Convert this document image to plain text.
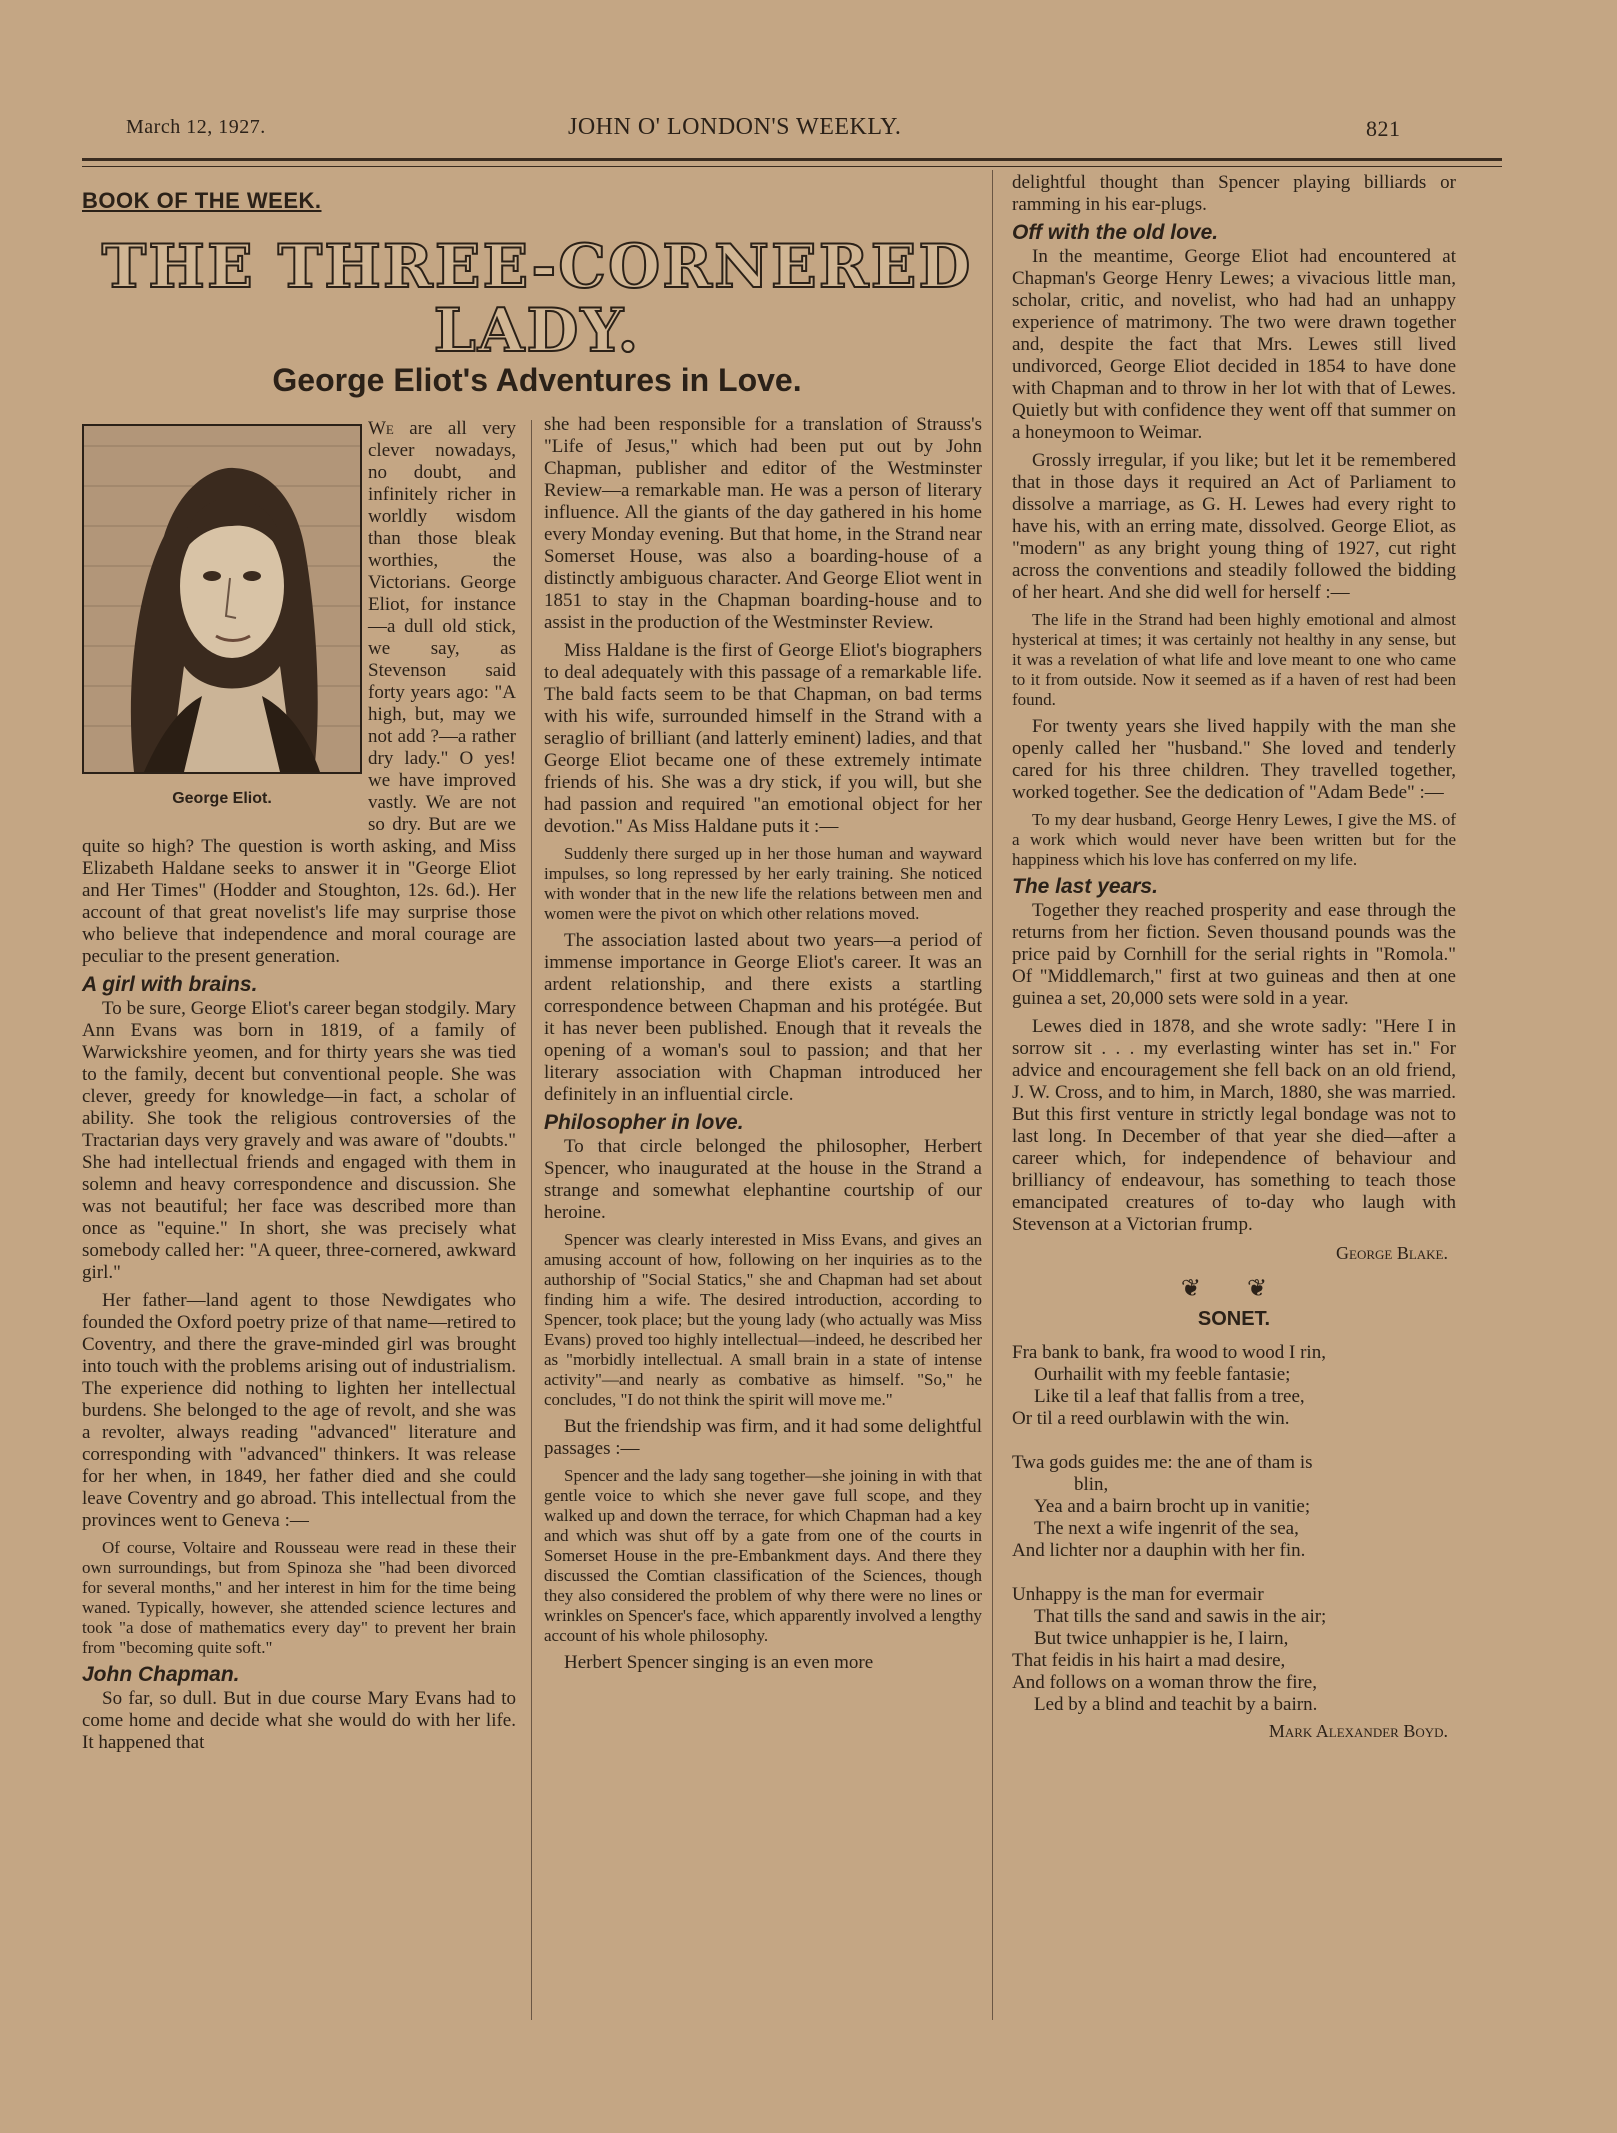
March 12, 1927.	JOHN O' LONDON'S WEEKLY.	821
BOOK OF THE WEEK.
THE THREE-CORNERED
LADY.
George Eliot's Adventures in Love.
George Eliot.

We are all very clever nowadays, no doubt, and infinitely richer in worldly wisdom than those bleak worthies, the Victorians. George Eliot, for instance—a dull old stick, we say, as Stevenson said forty years ago: "A high, but, may we not add ?—a rather dry lady." O yes! we have improved vastly. We are not so dry. But are we quite so high? The question is worth asking, and Miss Elizabeth Haldane seeks to answer it in "George Eliot and Her Times" (Hodder and Stoughton, 12s. 6d.). Her account of that great novelist's life may surprise those who believe that independence and moral courage are peculiar to the present generation.

A girl with brains.

To be sure, George Eliot's career began stodgily. Mary Ann Evans was born in 1819, of a family of Warwickshire yeomen, and for thirty years she was tied to the family, decent but conventional people. She was clever, greedy for knowledge—in fact, a scholar of ability. She took the religious controversies of the Tractarian days very gravely and was aware of "doubts." She had intellectual friends and engaged with them in solemn and heavy correspondence and discussion. She was not beautiful; her face was described more than once as "equine." In short, she was precisely what somebody called her: "A queer, three-cornered, awkward girl."

Her father—land agent to those Newdigates who founded the Oxford poetry prize of that name—retired to Coventry, and there the grave-minded girl was brought into touch with the problems arising out of industrialism. The experience did nothing to lighten her intellectual burdens. She belonged to the age of revolt, and she was a revolter, always reading "advanced" literature and corresponding with "advanced" thinkers. It was release for her when, in 1849, her father died and she could leave Coventry and go abroad. This intellectual from the provinces went to Geneva :—

Of course, Voltaire and Rousseau were read in these their own surroundings, but from Spinoza she "had been divorced for several months," and her interest in him for the time being waned. Typically, however, she attended science lectures and took "a dose of mathematics every day" to prevent her brain from "becoming quite soft."

John Chapman.

So far, so dull. But in due course Mary Evans had to come home and decide what she would do with her life. It happened that

she had been responsible for a translation of Strauss's "Life of Jesus," which had been put out by John Chapman, publisher and editor of the Westminster Review—a remarkable man. He was a person of literary influence. All the giants of the day gathered in his home every Monday evening. But that home, in the Strand near Somerset House, was also a boarding-house of a distinctly ambiguous character. And George Eliot went in 1851 to stay in the Chapman boarding-house and to assist in the production of the Westminster Review.

Miss Haldane is the first of George Eliot's biographers to deal adequately with this passage of a remarkable life. The bald facts seem to be that Chapman, on bad terms with his wife, surrounded himself in the Strand with a seraglio of brilliant (and latterly eminent) ladies, and that George Eliot became one of these extremely intimate friends of his. She was a dry stick, if you will, but she had passion and required "an emotional object for her devotion." As Miss Haldane puts it :—

Suddenly there surged up in her those human and wayward impulses, so long repressed by her early training. She noticed with wonder that in the new life the relations between men and women were the pivot on which other relations moved.

The association lasted about two years—a period of immense importance in George Eliot's career. It was an ardent relationship, and there exists a startling correspondence between Chapman and his protégée. But it has never been published. Enough that it reveals the opening of a woman's soul to passion; and that her literary association with Chapman introduced her definitely in an influential circle.

Philosopher in love.

To that circle belonged the philosopher, Herbert Spencer, who inaugurated at the house in the Strand a strange and somewhat elephantine courtship of our heroine.

Spencer was clearly interested in Miss Evans, and gives an amusing account of how, following on her inquiries as to the authorship of "Social Statics," she and Chapman had set about finding him a wife. The desired introduction, according to Spencer, took place; but the young lady (who actually was Miss Evans) proved too highly intellectual—indeed, he described her as "morbidly intellectual. A small brain in a state of intense activity"—and nearly as combative as himself. "So," he concludes, "I do not think the spirit will move me."

But the friendship was firm, and it had some delightful passages :—

Spencer and the lady sang together—she joining in with that gentle voice to which she never gave full scope, and they walked up and down the terrace, for which Chapman had a key and which was shut off by a gate from one of the courts in Somerset House in the pre-Embankment days. And there they discussed the Comtian classification of the Sciences, though they also considered the problem of why there were no lines or wrinkles on Spencer's face, which apparently involved a lengthy account of his whole philosophy.

Herbert Spencer singing is an even more

delightful thought than Spencer playing billiards or ramming in his ear-plugs.

Off with the old love.

In the meantime, George Eliot had encountered at Chapman's George Henry Lewes; a vivacious little man, scholar, critic, and novelist, who had had an unhappy experience of matrimony. The two were drawn together and, despite the fact that Mrs. Lewes still lived undivorced, George Eliot decided in 1854 to have done with Chapman and to throw in her lot with that of Lewes. Quietly but with confidence they went off that summer on a honeymoon to Weimar.

Grossly irregular, if you like; but let it be remembered that in those days it required an Act of Parliament to dissolve a marriage, as G. H. Lewes had every right to have his, with an erring mate, dissolved. George Eliot, as "modern" as any bright young thing of 1927, cut right across the conventions and steadily followed the bidding of her heart. And she did well for herself :—

The life in the Strand had been highly emotional and almost hysterical at times; it was certainly not healthy in any sense, but it was a revelation of what life and love meant to one who came to it from outside. Now it seemed as if a haven of rest had been found.

For twenty years she lived happily with the man she openly called her "husband." She loved and tenderly cared for his three children. They travelled together, worked together. See the dedication of "Adam Bede" :—

To my dear husband, George Henry Lewes, I give the MS. of a work which would never have been written but for the happiness which his love has conferred on my life.

The last years.

Together they reached prosperity and ease through the returns from her fiction. Seven thousand pounds was the price paid by Cornhill for the serial rights in "Romola." Of "Middlemarch," first at two guineas and then at one guinea a set, 20,000 sets were sold in a year.

Lewes died in 1878, and she wrote sadly: "Here I in sorrow sit . . . my everlasting winter has set in." For advice and encouragement she fell back on an old friend, J. W. Cross, and to him, in March, 1880, she was married. But this first venture in strictly legal bondage was not to last long. In December of that year she died—after a career which, for independence of behaviour and brilliancy of endeavour, has something to teach those emancipated creatures of to-day who laugh with Stevenson at a Victorian frump.

George Blake.
❦ ❦
SONET.
Fra bank to bank, fra wood to wood I rin,
Ourhailit with my feeble fantasie;
Like til a leaf that fallis from a tree,
Or til a reed ourblawin with the win.
Twa gods guides me: the ane of tham is
blin,
Yea and a bairn brocht up in vanitie;
The next a wife ingenrit of the sea,
And lichter nor a dauphin with her fin.
Unhappy is the man for evermair
That tills the sand and sawis in the air;
But twice unhappier is he, I lairn,
That feidis in his hairt a mad desire,
And follows on a woman throw the fire,
Led by a blind and teachit by a bairn.
Mark Alexander Boyd.
